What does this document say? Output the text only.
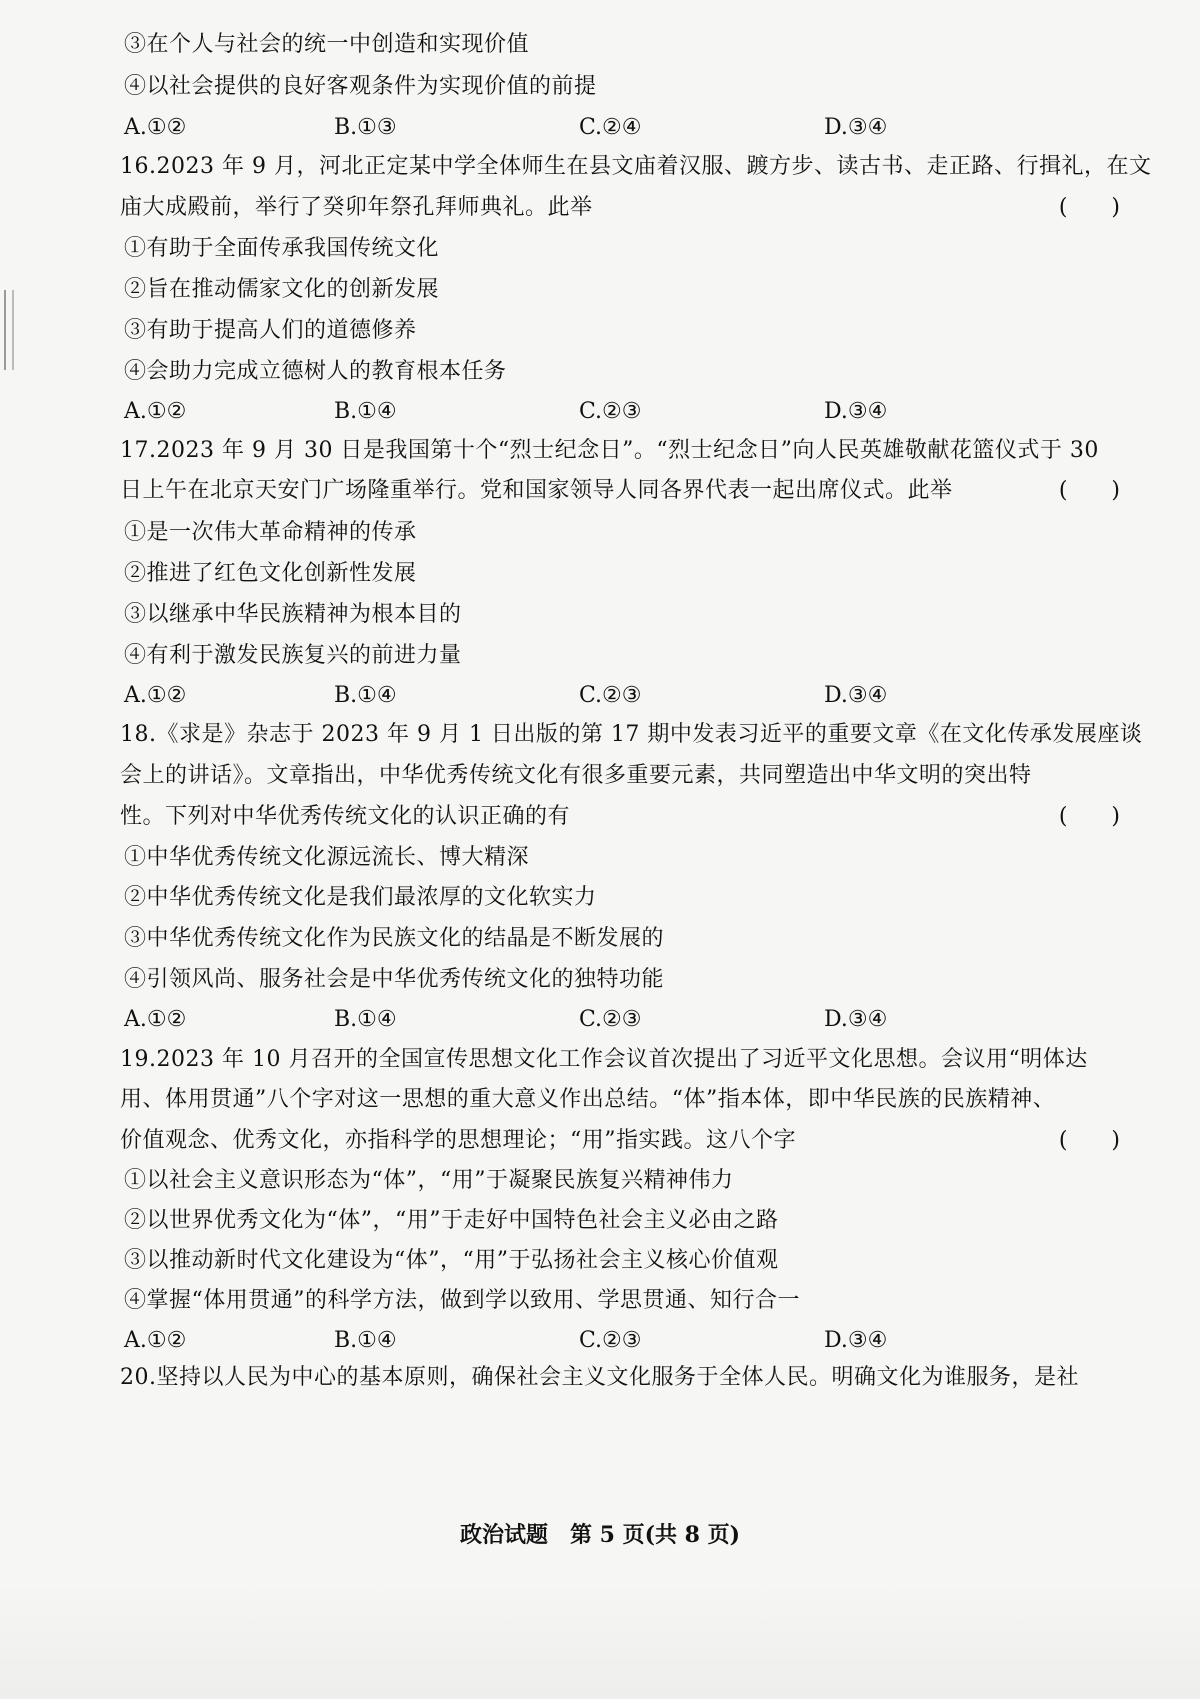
③在个人与社会的统一中创造和实现价值
④以社会提供的良好客观条件为实现价值的前提
A.①②	B.①③	C.②④	D.③④
16.2023 年 9 月，河北正定某中学全体师生在县文庙着汉服、踱方步、读古书、走正路、行揖礼，在文
庙大成殿前，举行了癸卯年祭孔拜师典礼。此举	(　　)
①有助于全面传承我国传统文化
②旨在推动儒家文化的创新发展
③有助于提高人们的道德修养
④会助力完成立德树人的教育根本任务
A.①②	B.①④	C.②③	D.③④
17.2023 年 9 月 30 日是我国第十个“烈士纪念日”。“烈士纪念日”向人民英雄敬献花篮仪式于 30
日上午在北京天安门广场隆重举行。党和国家领导人同各界代表一起出席仪式。此举	(　　)
①是一次伟大革命精神的传承
②推进了红色文化创新性发展
③以继承中华民族精神为根本目的
④有利于激发民族复兴的前进力量
A.①②	B.①④	C.②③	D.③④
18.《求是》杂志于 2023 年 9 月 1 日出版的第 17 期中发表习近平的重要文章《在文化传承发展座谈
会上的讲话》。文章指出，中华优秀传统文化有很多重要元素，共同塑造出中华文明的突出特
性。下列对中华优秀传统文化的认识正确的有	(　　)
①中华优秀传统文化源远流长、博大精深
②中华优秀传统文化是我们最浓厚的文化软实力
③中华优秀传统文化作为民族文化的结晶是不断发展的
④引领风尚、服务社会是中华优秀传统文化的独特功能
A.①②	B.①④	C.②③	D.③④
19.2023 年 10 月召开的全国宣传思想文化工作会议首次提出了习近平文化思想。会议用“明体达
用、体用贯通”八个字对这一思想的重大意义作出总结。“体”指本体，即中华民族的民族精神、
价值观念、优秀文化，亦指科学的思想理论；“用”指实践。这八个字	(　　)
①以社会主义意识形态为“体”，“用”于凝聚民族复兴精神伟力
②以世界优秀文化为“体”，“用”于走好中国特色社会主义必由之路
③以推动新时代文化建设为“体”，“用”于弘扬社会主义核心价值观
④掌握“体用贯通”的科学方法，做到学以致用、学思贯通、知行合一
A.①②	B.①④	C.②③	D.③④
20.坚持以人民为中心的基本原则，确保社会主义文化服务于全体人民。明确文化为谁服务，是社
政治试题　第 5 页(共 8 页)
